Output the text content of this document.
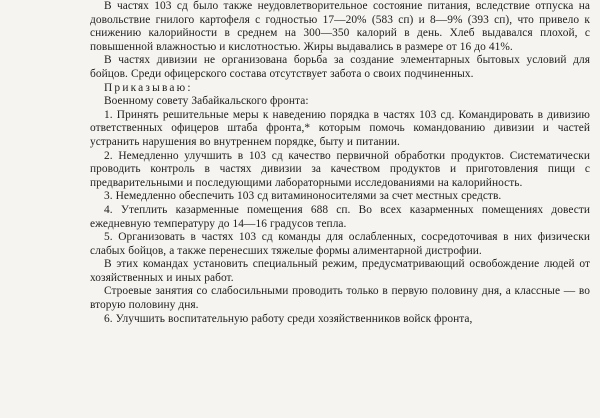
В частях 103 сд было также неудовлетворительное состояние питания, вследствие отпуска на довольствие гнилого картофеля с годностью 17—20% (583 сп) и 8—9% (393 сп), что привело к снижению калорийности в среднем на 300—350 калорий в день. Хлеб выдавался плохой, с повышенной влажностью и кислотностью. Жиры выдавались в размере от 16 до 41%.

В частях дивизии не организована борьба за создание элементарных бытовых условий для бойцов. Среди офицерского состава отсутствует забота о своих подчиненных.

Приказываю:

Военному совету Забайкальского фронта:

1. Принять решительные меры к наведению порядка в частях 103 сд. Командировать в дивизию ответственных офицеров штаба фронта,* которым помочь командованию дивизии и частей устранить нарушения во внутреннем порядке, быту и питании.

2. Немедленно улучшить в 103 сд качество первичной обработки продуктов. Систематически проводить контроль в частях дивизии за качеством продуктов и приготовления пищи с предварительными и последующими лабораторными исследованиями на калорийность.

3. Немедленно обеспечить 103 сд витаминоносителями за счет местных средств.

4. Утеплить казарменные помещения 688 сп. Во всех казарменных помещениях довести ежедневную температуру до 14—16 градусов тепла.

5. Организовать в частях 103 сд команды для ослабленных, сосредоточивая в них физически слабых бойцов, а также перенесших тяжелые формы алиментарной дистрофии.

В этих командах установить специальный режим, предусматривающий освобождение людей от хозяйственных и иных работ.

Строевые занятия со слабосильными проводить только в первую половину дня, а классные — во вторую половину дня.

6. Улучшить воспитательную работу среди хозяйственников войск фронта,
